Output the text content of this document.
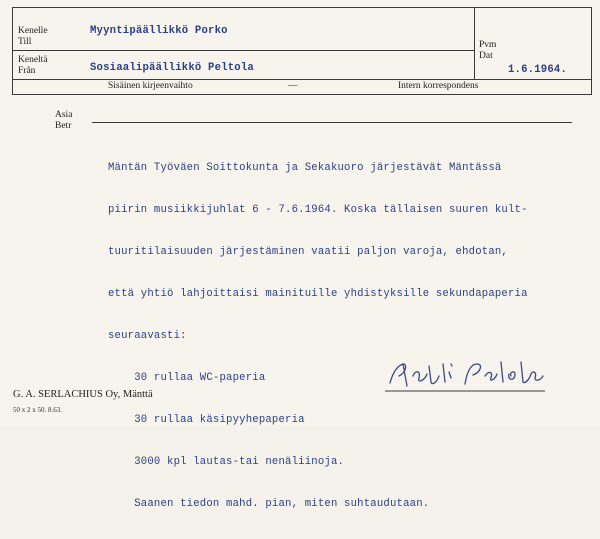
Kenelle
Till
Myyntipäällikkö Porko
Keneltä
Från	Sosiaalipäällikkö Peltola
Pvm
Dat
1.6.1964.
Sisäinen kirjeenvaihto	—	Intern korrespondens
Asia
Betr

Mäntän Työväen Soittokunta ja Sekakuoro järjestävät Mäntässä

piirin musiikkijuhlat 6 - 7.6.1964. Koska tällaisen suuren kult-

tuuritilaisuuden järjestäminen vaatii paljon varoja, ehdotan,

että yhtiö lahjoittaisi mainituille yhdistyksille sekundapaperia

seuraavasti:

30 rullaa WC-paperia

30 rullaa käsipyyhepaperia

3000 kpl lautas-tai nenäliinoja.

Saanen tiedon mahd. pian, miten suhtaudutaan.

G. A. SERLACHIUS Oy, Mänttä
50 x 2 x 50. 8.63.
